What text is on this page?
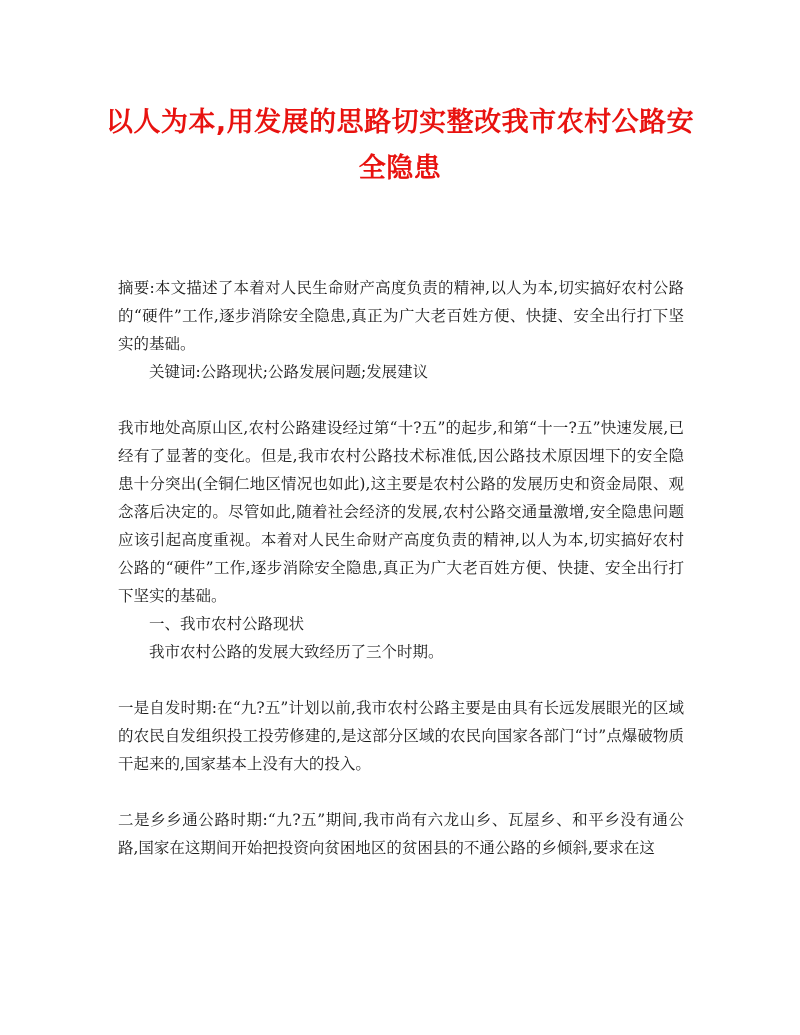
以人为本,用发展的思路切实整改我市农村公路安全隐患

摘要:本文描述了本着对人民生命财产高度负责的精神,以人为本,切实搞好农村公路的“硬件”工作,逐步消除安全隐患,真正为广大老百姓方便、快捷、安全出行打下坚实的基础。

关键词:公路现状;公路发展问题;发展建议

我市地处高原山区,农村公路建设经过第“十?五”的起步,和第“十一?五”快速发展,已经有了显著的变化。但是,我市农村公路技术标准低,因公路技术原因埋下的安全隐患十分突出(全铜仁地区情况也如此),这主要是农村公路的发展历史和资金局限、观念落后决定的。尽管如此,随着社会经济的发展,农村公路交通量激增,安全隐患问题应该引起高度重视。本着对人民生命财产高度负责的精神,以人为本,切实搞好农村公路的“硬件”工作,逐步消除安全隐患,真正为广大老百姓方便、快捷、安全出行打下坚实的基础。

一、我市农村公路现状

我市农村公路的发展大致经历了三个时期。

一是自发时期:在“九?五”计划以前,我市农村公路主要是由具有长远发展眼光的区域的农民自发组织投工投劳修建的,是这部分区域的农民向国家各部门“讨”点爆破物质干起来的,国家基本上没有大的投入。

二是乡乡通公路时期:“九?五”期间,我市尚有六龙山乡、瓦屋乡、和平乡没有通公路,国家在这期间开始把投资向贫困地区的贫困县的不通公路的乡倾斜,要求在这
